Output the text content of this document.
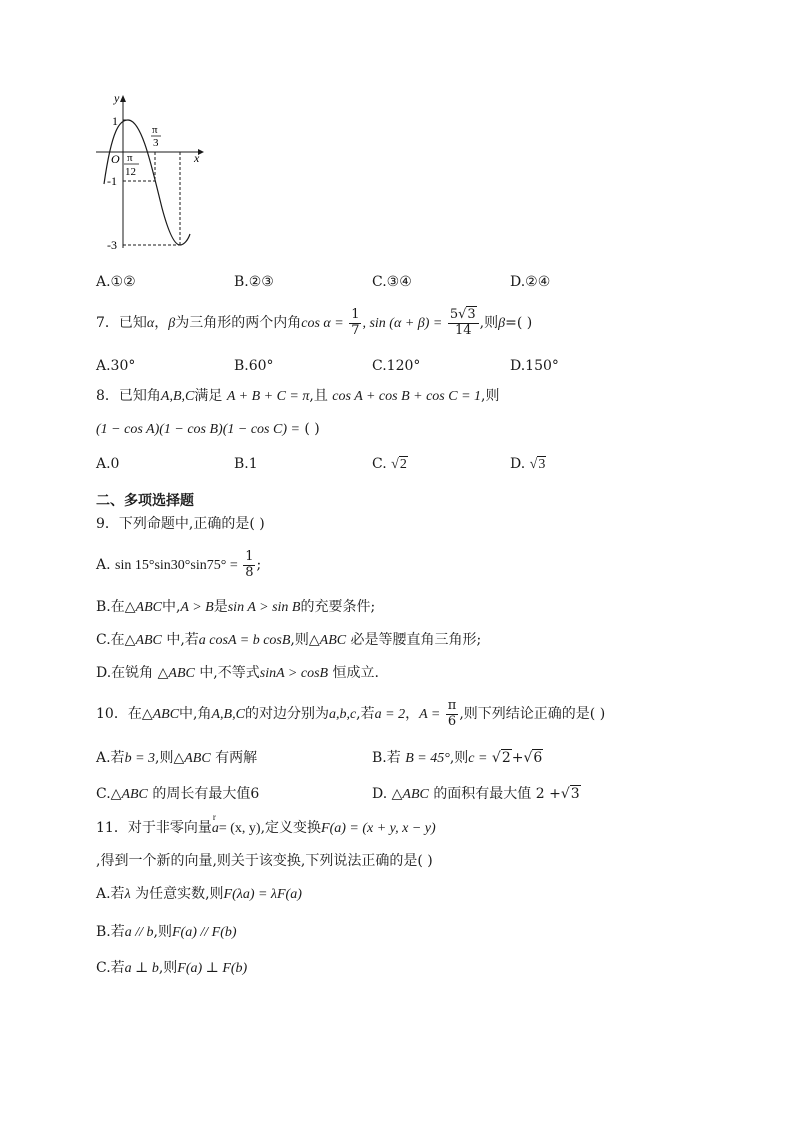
y
x
O
1
-1
-3
π
3
π
12
A.①②	B.②③	C.③④	D.②④
7．已知α，β为三角形的两个内角$\cos \alpha = \frac{1}{7}$ , $\sin (\alpha + \beta) = \frac{5√3}{14}$ ,则β=( )
A.30°	B.60°	C.120°	D.150°
8．已知角A,B,C满足 A + B + C = π,且 cos A + cos B + cos C = 1,则
(1 − cos A)(1 − cos B)(1 − cos C) = ( )
A.0	B.1	C. √2	D. √3
二、多项选择题
9．下列命题中,正确的是( )
A. $\sin 15^\circ\sin 30^\circ\sin 75^\circ = \frac{1}{8}$ ;
B.在△ABC中,A > B是sin A > sin B的充要条件;
C.在△ABC 中,若a cosA = b cosB,则△ABC 必是等腰直角三角形;
D.在锐角 △ABC 中,不等式sinA > cosB 恒成立.
10．在△ABC中,角A,B,C的对边分别为a,b,c,若a = 2，$A = \frac{\pi}{6}$ ,则下列结论正确的是( )
A.若b = 3,则△ABC 有两解	B.若 B = 45°,则c = √2+√6
C.△ABC 的周长有最大值6	D. △ABC 的面积有最大值 2 +√3
11．对于非零向量
r
a= (x, y),定义变换F(a) = (x + y, x − y)
,得到一个新的向量,则关于该变换,下列说法正确的是( )
A.若λ 为任意实数,则F(λa) = λF(a)
B.若a // b,则F(a) // F(b)
C.若a ⊥ b,则F(a) ⊥ F(b)
